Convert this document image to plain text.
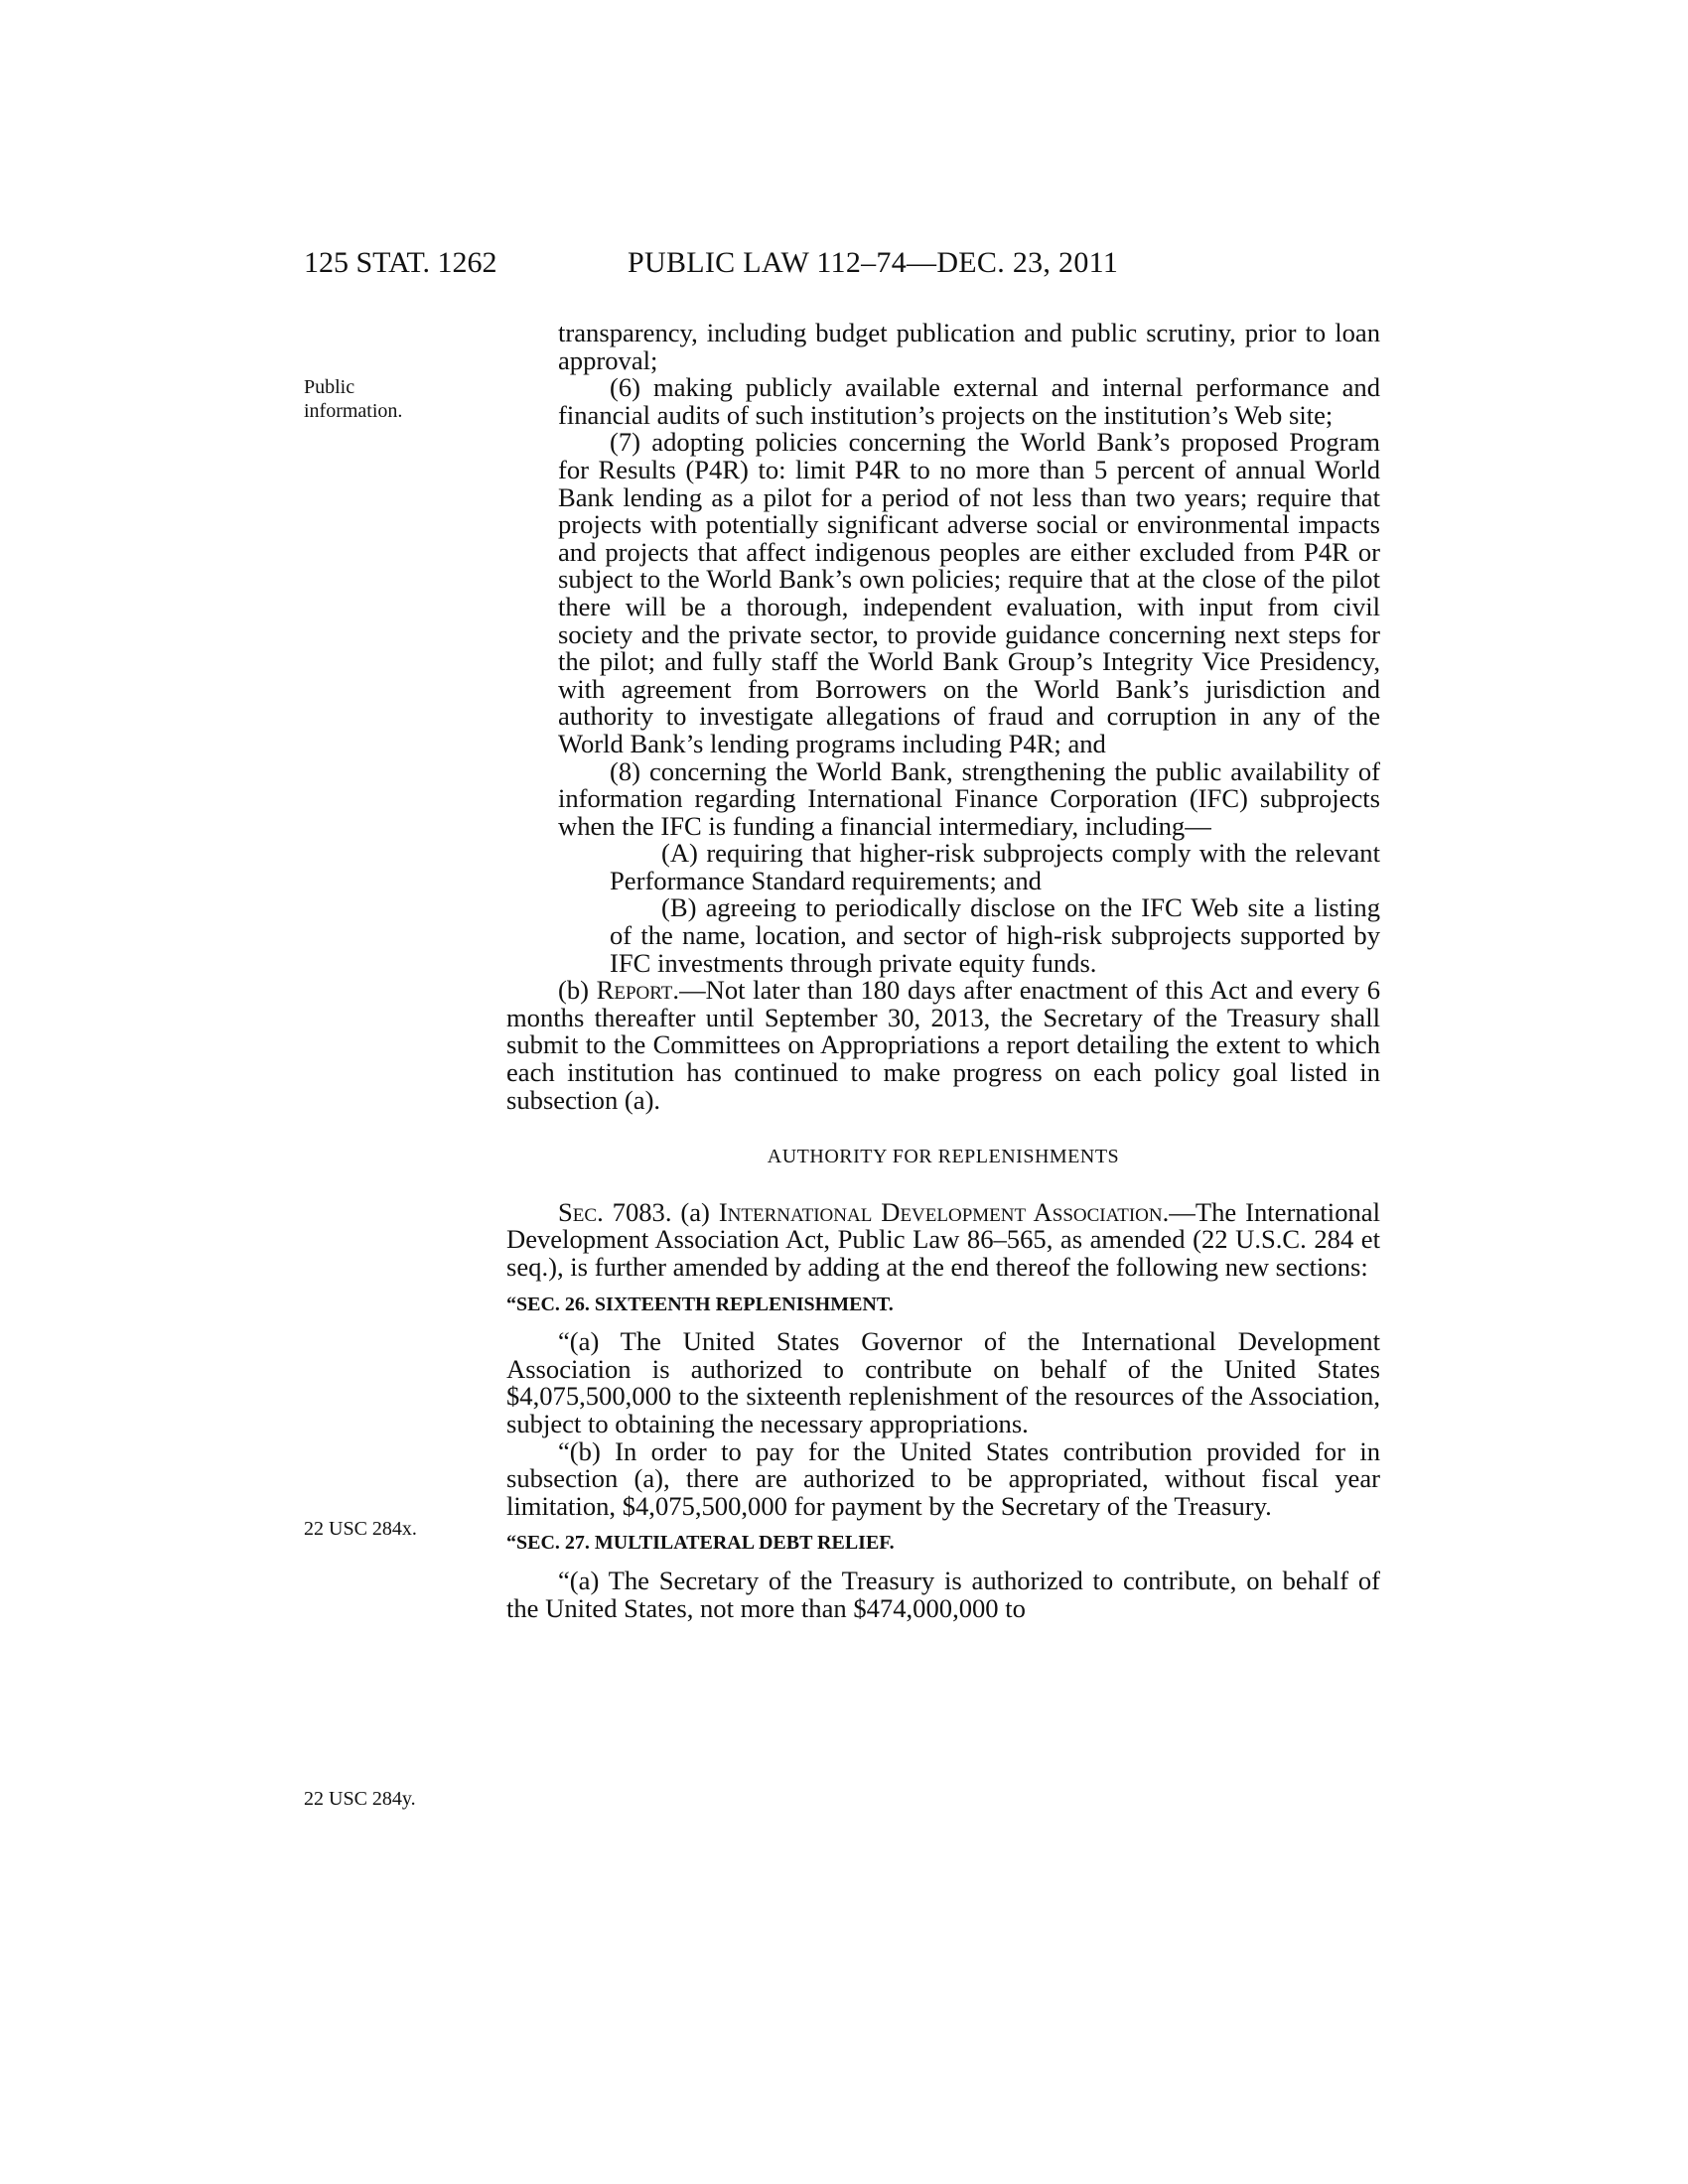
125 STAT. 1262	PUBLIC LAW 112–74—DEC. 23, 2011
Public information.
22 USC 284x.
22 USC 284y.

transparency, including budget publication and public scrutiny, prior to loan approval;

(6) making publicly available external and internal performance and financial audits of such institution’s projects on the institution’s Web site;

(7) adopting policies concerning the World Bank’s proposed Program for Results (P4R) to: limit P4R to no more than 5 percent of annual World Bank lending as a pilot for a period of not less than two years; require that projects with potentially significant adverse social or environmental impacts and projects that affect indigenous peoples are either excluded from P4R or subject to the World Bank’s own policies; require that at the close of the pilot there will be a thorough, independent evaluation, with input from civil society and the private sector, to provide guidance concerning next steps for the pilot; and fully staff the World Bank Group’s Integrity Vice Presidency, with agreement from Borrowers on the World Bank’s jurisdiction and authority to investigate allegations of fraud and corruption in any of the World Bank’s lending programs including P4R; and

(8) concerning the World Bank, strengthening the public availability of information regarding International Finance Corporation (IFC) subprojects when the IFC is funding a financial intermediary, including—

(A) requiring that higher-risk subprojects comply with the relevant Performance Standard requirements; and

(B) agreeing to periodically disclose on the IFC Web site a listing of the name, location, and sector of high-risk subprojects supported by IFC investments through private equity funds.

(b) Report.—Not later than 180 days after enactment of this Act and every 6 months thereafter until September 30, 2013, the Secretary of the Treasury shall submit to the Committees on Appropriations a report detailing the extent to which each institution has continued to make progress on each policy goal listed in subsection (a).

AUTHORITY FOR REPLENISHMENTS

Sec. 7083. (a) International Development Association.—The International Development Association Act, Public Law 86–565, as amended (22 U.S.C. 284 et seq.), is further amended by adding at the end thereof the following new sections:

“SEC. 26. SIXTEENTH REPLENISHMENT.

“(a) The United States Governor of the International Development Association is authorized to contribute on behalf of the United States $4,075,500,000 to the sixteenth replenishment of the resources of the Association, subject to obtaining the necessary appropriations.

“(b) In order to pay for the United States contribution provided for in subsection (a), there are authorized to be appropriated, without fiscal year limitation, $4,075,500,000 for payment by the Secretary of the Treasury.

“SEC. 27. MULTILATERAL DEBT RELIEF.

“(a) The Secretary of the Treasury is authorized to contribute, on behalf of the United States, not more than $474,000,000 to
